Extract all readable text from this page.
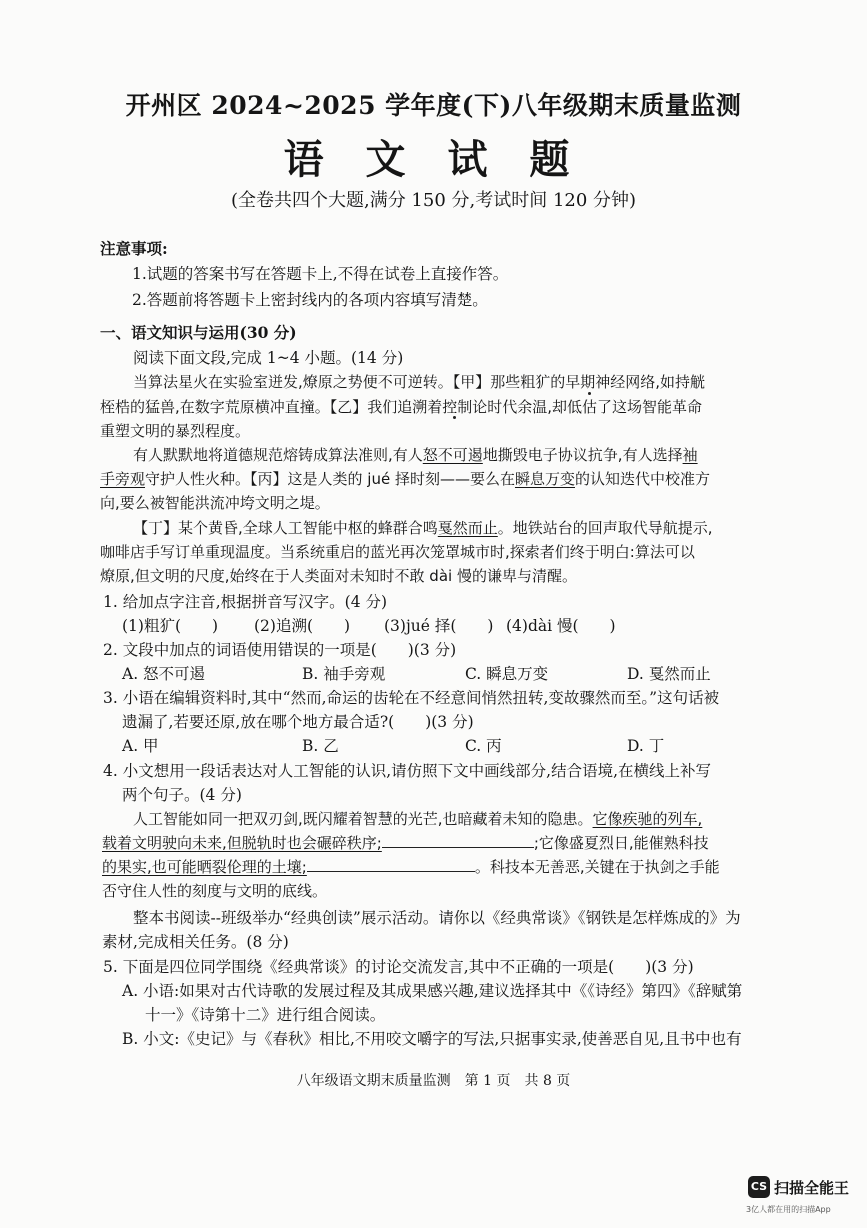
开州区 2024~2025 学年度(下)八年级期末质量监测
语 文 试 题
(全卷共四个大题,满分 150 分,考试时间 120 分钟)
注意事项:
1.试题的答案书写在答题卡上,不得在试卷上直接作答。
2.答题前将答题卡上密封线内的各项内容填写清楚。
一、语文知识与运用(30 分)
阅读下面文段,完成 1~4 小题。(14 分)
当算法星火在实验室迸发,燎原之势便不可逆转。【甲】那些粗犷的早期神经网络,如持觥
桎梏的猛兽,在数字荒原横冲直撞。【乙】我们追溯着控制论时代余温,却低估了这场智能革命
重塑文明的暴烈程度。
有人默默地将道德规范熔铸成算法准则,有人怒不可遏地撕毁电子协议抗争,有人选择袖
手旁观守护人性火种。【丙】这是人类的 jué 择时刻——要么在瞬息万变的认知迭代中校准方
向,要么被智能洪流冲垮文明之堤。
【丁】某个黄昏,全球人工智能中枢的蜂群合鸣戛然而止。地铁站台的回声取代导航提示,
咖啡店手写订单重现温度。当系统重启的蓝光再次笼罩城市时,探索者们终于明白:算法可以
燎原,但文明的尺度,始终在于人类面对未知时不敢 dài 慢的谦卑与清醒。
1. 给加点字注音,根据拼音写汉字。(4 分)
(1)粗犷(　　) (2)追溯(　　) (3)jué 择(　　) (4)dài 慢(　　)
2. 文段中加点的词语使用错误的一项是(　　)(3 分)
A. 怒不可遏	B. 袖手旁观	C. 瞬息万变	D. 戛然而止
3. 小语在编辑资料时,其中“然而,命运的齿轮在不经意间悄然扭转,变故骤然而至。”这句话被
遗漏了,若要还原,放在哪个地方最合适?(　　)(3 分)
A. 甲	B. 乙	C. 丙	D. 丁
4. 小文想用一段话表达对人工智能的认识,请仿照下文中画线部分,结合语境,在横线上补写
两个句子。(4 分)
人工智能如同一把双刃剑,既闪耀着智慧的光芒,也暗藏着未知的隐患。它像疾驰的列车,
载着文明驶向未来,但脱轨时也会碾碎秩序;	;它像盛夏烈日,能催熟科技
的果实,也可能晒裂伦理的土壤;	。科技本无善恶,关键在于执剑之手能
否守住人性的刻度与文明的底线。
整本书阅读--班级举办“经典创读”展示活动。请你以《经典常谈》《钢铁是怎样炼成的》为
素材,完成相关任务。(8 分)
5. 下面是四位同学围绕《经典常谈》的讨论交流发言,其中不正确的一项是(　　)(3 分)
A. 小语:如果对古代诗歌的发展过程及其成果感兴趣,建议选择其中《《诗经》第四》《辞赋第
十一》《诗第十二》进行组合阅读。
B. 小文:《史记》与《春秋》相比,不用咬文嚼字的写法,只据事实录,使善恶自见,且书中也有
八年级语文期末质量监测　第 1 页　共 8 页
CS 扫描全能王
3亿人都在用的扫描App
